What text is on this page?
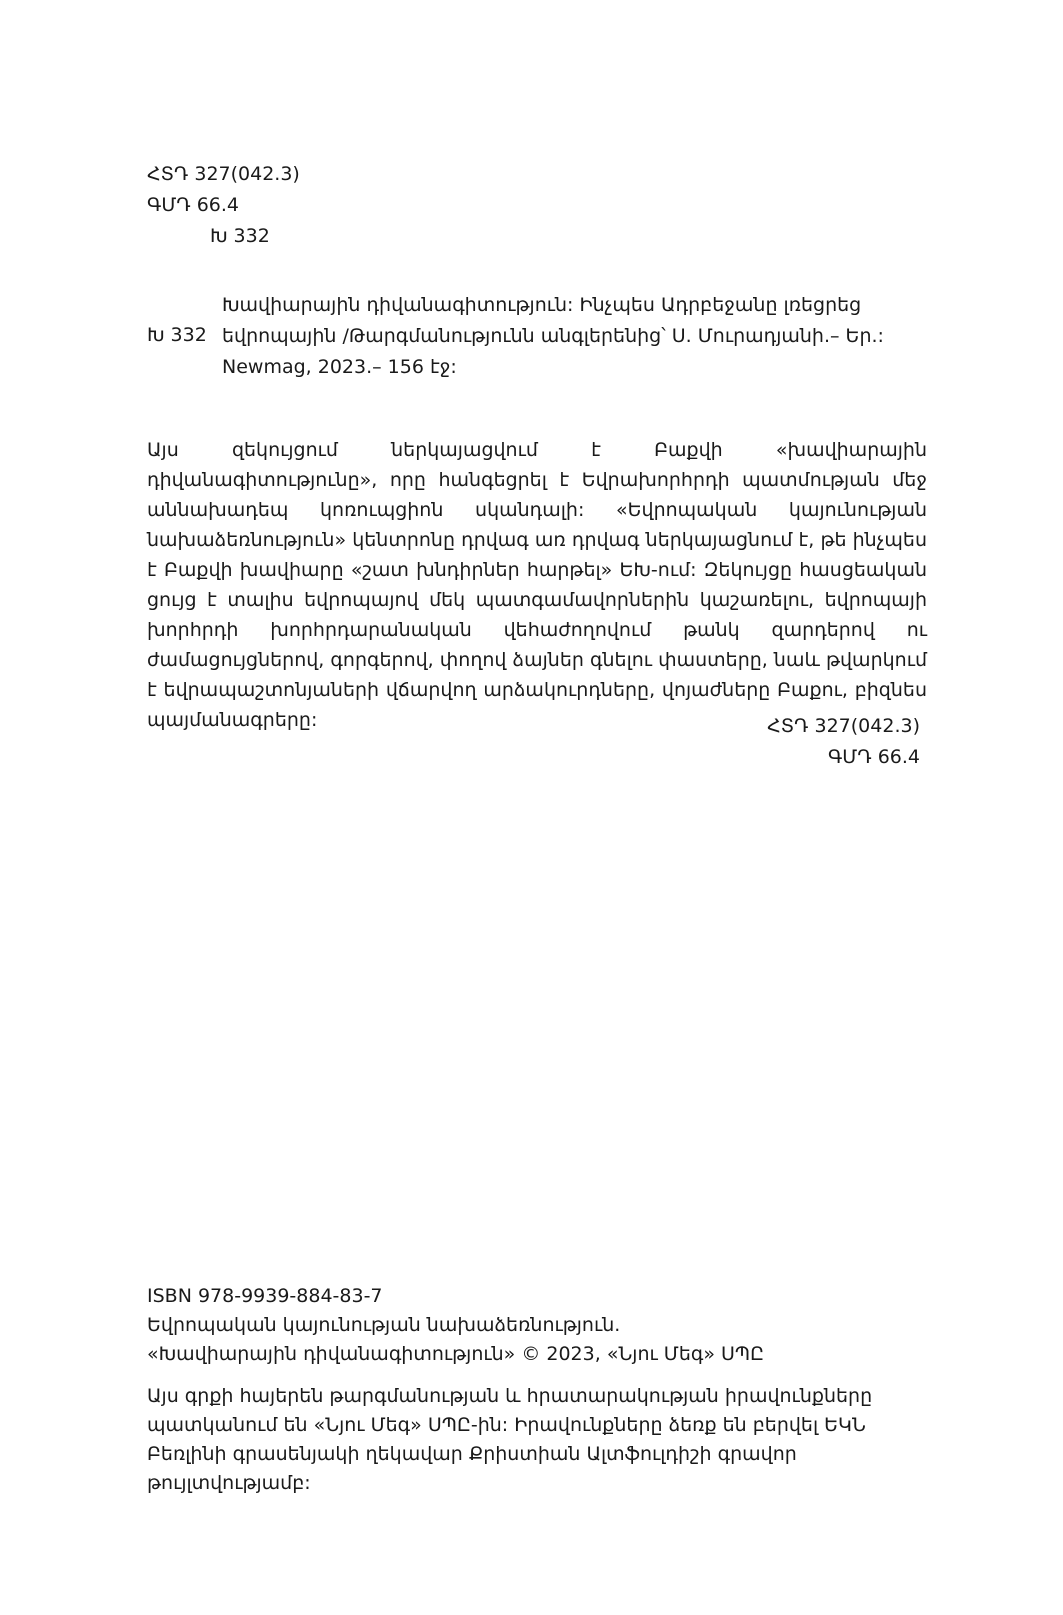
ՀՏԴ 327(042.3)
ԳՄԴ 66.4
Խ 332
Խ 332
Խավիարային դիվանագիտություն: Ինչպես Ադրբեջանը լռեցրեց
եվրոպային /Թարգմանությունն անգլերենից՝ Ս. Մուրադյանի.– Եր.:
Newmag, 2023.– 156 էջ:

Այս զեկույցում ներկայացվում է Բաքվի «խավիարային դիվանագիտությունը», որը հանգեցրել է Եվրախորհրդի պատմության մեջ աննախադեպ կոռուպցիոն սկանդալի: «Եվրոպական կայունության նախաձեռնություն» կենտրոնը դրվագ առ դրվագ ներկայացնում է, թե ինչպես է Բաքվի խավիարը «շատ խնդիրներ հարթել» ԵԽ-ում: Զեկույցը հասցեական ցույց է տալիս եվրոպայով մեկ պատգամավորներին կաշառելու, եվրոպայի խորհրդի խորհրդարանական վեհաժողովում թանկ զարդերով ու ժամացույցներով, գորգերով, փողով ձայներ գնելու փաստերը, նաև թվարկում է եվրապաշտոնյաների վճարվող արձակուրդները, վոյաժները Բաքու, բիզնես պայմանագրերը:	ՀՏԴ 327(042.3)
ԳՄԴ 66.4
ISBN 978-9939-884-83-7
Եվրոպական կայունության նախաձեռնություն.
«Խավիարային դիվանագիտություն» © 2023, «Նյու Մեգ» ՍՊԸ

Այս գրքի հայերեն թարգմանության և հրատարակության իրավունքները պատկանում են «Նյու Մեգ» ՍՊԸ-ին: Իրավունքները ձեռք են բերվել ԵԿՆ Բեռլինի գրասենյակի ղեկավար Քրիստիան Ալտֆուլդիշի գրավոր թույլտվությամբ:
